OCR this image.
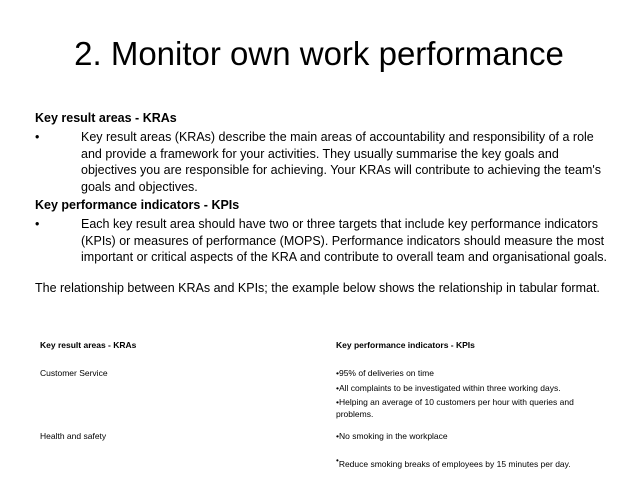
2. Monitor own work performance

Key result areas - KRAs

•	Key result areas (KRAs) describe the main areas of accountability and responsibility of a role and provide a framework for your activities. They usually summarise the key goals and objectives you are responsible for achieving. Your KRAs will contribute to achieving the team's goals and objectives.

Key performance indicators - KPIs

•	Each key result area should have two or three targets that include key performance indicators (KPIs) or measures of performance (MOPS). Performance indicators should measure the most important or critical aspects of the KRA and contribute to overall team and organisational goals.

The relationship between KRAs and KPIs; the example below shows the relationship in tabular format.

Key result areas - KRAs	Key performance indicators - KPIs
Customer Service	•95% of deliveries on time
•All complaints to be investigated within three working days.
•Helping an average of 10 customers per hour with queries and problems.

Health and safety	•No smoking in the workplace
•Reduce smoking breaks of employees by 15 minutes per day.
